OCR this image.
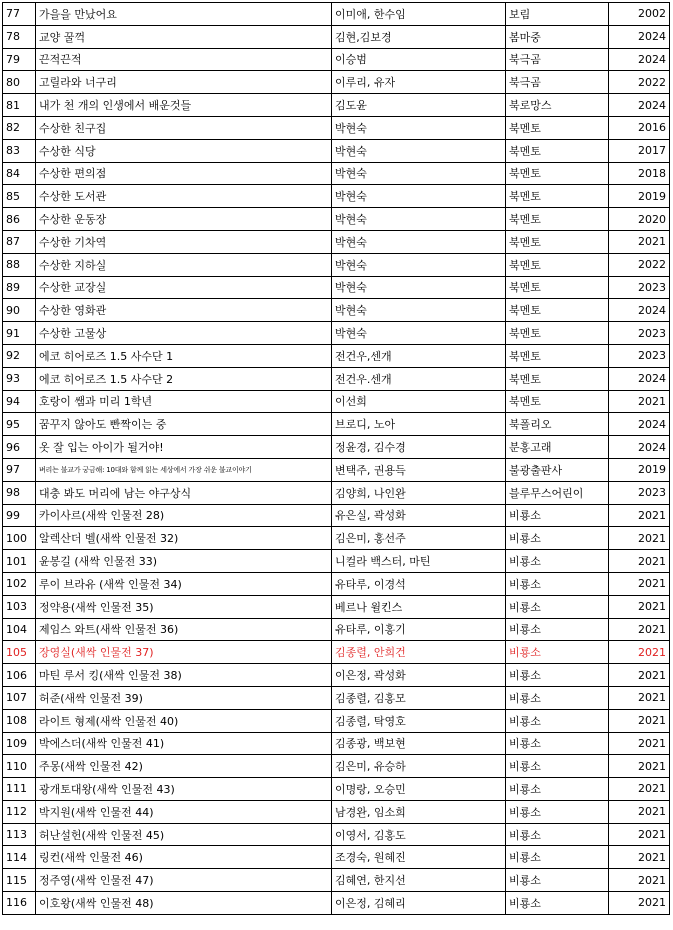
77	가을을 만났어요	이미애, 한수임	보림	2002
78	교양 꿀꺽	김현,김보경	봄마중	2024
79	끈적끈적	이승범	북극곰	2024
80	고릴라와 너구리	이루리, 유자	북극곰	2022
81	내가 천 개의 인생에서 배운것들	김도윤	북로망스	2024
82	수상한 친구집	박현숙	북멘토	2016
83	수상한 식당	박현숙	북멘토	2017
84	수상한 편의점	박현숙	북멘토	2018
85	수상한 도서관	박현숙	북멘토	2019
86	수상한 운동장	박현숙	북멘토	2020
87	수상한 기차역	박현숙	북멘토	2021
88	수상한 지하실	박현숙	북멘토	2022
89	수상한 교장실	박현숙	북멘토	2023
90	수상한 영화관	박현숙	북멘토	2024
91	수상한 고물상	박현숙	북멘토	2023
92	에코 히어로즈 1.5 사수단 1	전건우,센개	북멘토	2023
93	에코 히어로즈 1.5 사수단 2	전건우.센개	북멘토	2024
94	호랑이 쌤과 미리 1학년	이선희	북멘토	2021
95	꿈꾸지 않아도 빤짝이는 중	브로디, 노아	북폴리오	2024
96	옷 잘 입는 아이가 될거야!	정윤경, 김수경	분홍고래	2024
97	벼리는 불교가 궁금해: 10대와 함께 읽는 세상에서 가장 쉬운 불교이야기	변택주, 권용득	불광출판사	2019
98	대충 봐도 머리에 남는 야구상식	김양희, 나인완	블루무스어린이	2023
99	카이사르(새싹 인물전 28)	유은실, 곽성화	비룡소	2021
100	알렉산더 벨(새싹 인물전 32)	김은미, 홍선주	비룡소	2021
101	윤봉길 (새싹 인물전 33)	니컬라 백스터, 마틴	비룡소	2021
102	루이 브라유 (새싹 인물전 34)	유타루, 이경석	비룡소	2021
103	정약용(새싹 인물전 35)	베르나 윌킨스	비룡소	2021
104	제임스 와트(새싹 인물전 36)	유타루, 이홍기	비룡소	2021
105	장영실(새싹 인물전 37)	김종렬, 안희건	비룡소	2021
106	마틴 루서 킹(새싹 인물전 38)	이은정, 곽성화	비룡소	2021
107	허준(새싹 인물전 39)	김종렬, 김홍모	비룡소	2021
108	라이트 형제(새싹 인물전 40)	김종렬, 탁영호	비룡소	2021
109	박에스더(새싹 인물전 41)	김종광, 백보현	비룡소	2021
110	주몽(새싹 인물전 42)	김은미, 유승하	비룡소	2021
111	광개토대왕(새싹 인물전 43)	이명랑, 오승민	비룡소	2021
112	박지원(새싹 인물전 44)	남경완, 임소희	비룡소	2021
113	허난설헌(새싹 인물전 45)	이영서, 김홍도	비룡소	2021
114	링컨(새싹 인물전 46)	조경숙, 원혜진	비룡소	2021
115	정주영(새싹 인물전 47)	김혜연, 한지선	비룡소	2021
116	이호왕(새싹 인물전 48)	이은정, 김혜리	비룡소	2021
